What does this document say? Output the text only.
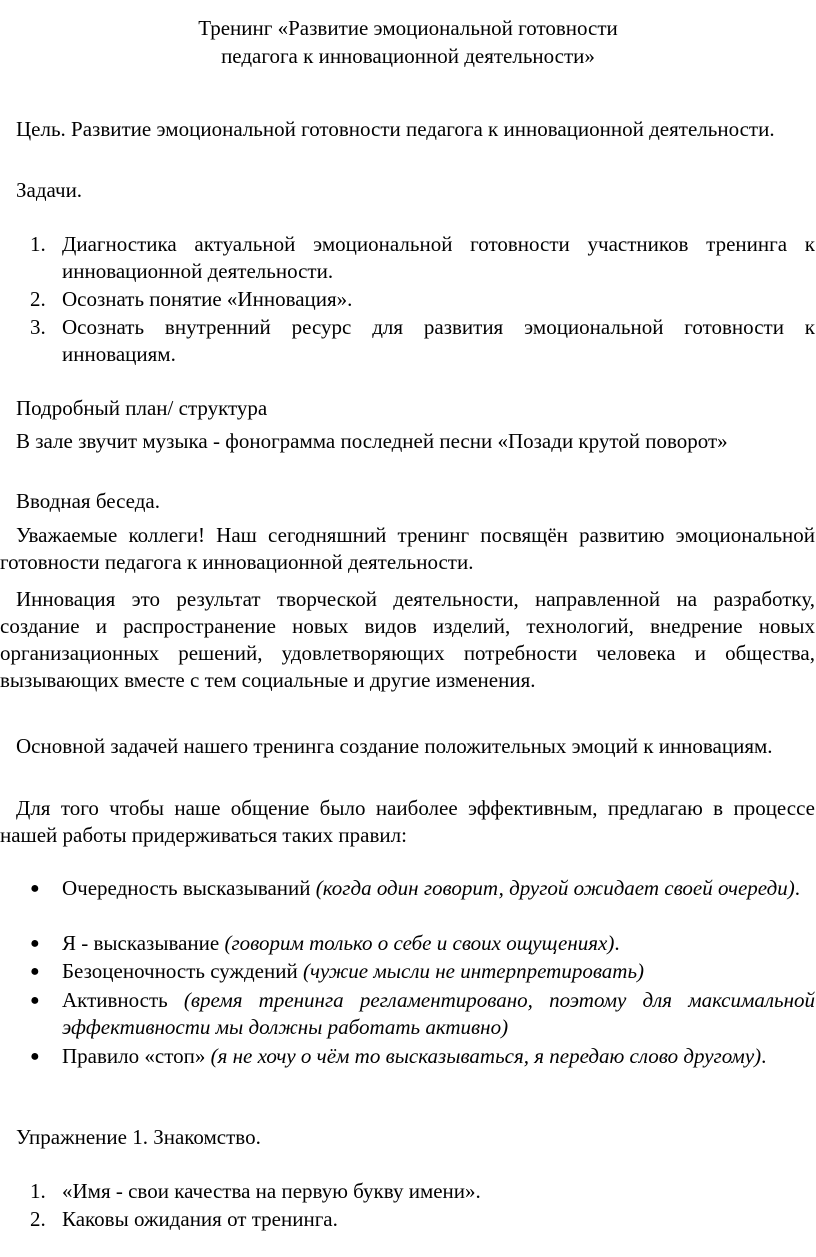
Тренинг «Развитие эмоциональной готовности
педагога к инновационной деятельности»
Цель. Развитие эмоциональной готовности педагога к инновационной деятельности.
Задачи.
1. Диагностика актуальной эмоциональной готовности участников тренинга к инновационной деятельности.
2. Осознать понятие «Инновация».
3. Осознать внутренний ресурс для развития эмоциональной готовности к инновациям.
Подробный план/ структура
В зале звучит музыка - фонограмма последней песни «Позади крутой поворот»
Вводная беседа.
Уважаемые коллеги! Наш сегодняшний тренинг посвящён развитию эмоциональной готовности педагога к инновационной деятельности.
Инновация это результат творческой деятельности, направленной на разработку, создание и распространение новых видов изделий, технологий, внедрение новых организационных решений, удовлетворяющих потребности человека и общества, вызывающих вместе с тем социальные и другие изменения.
Основной задачей нашего тренинга создание положительных эмоций к инновациям.
Для того чтобы наше общение было наиболее эффективным, предлагаю в процессе нашей работы придерживаться таких правил:
● Очередность высказываний (когда один говорит, другой ожидает своей очереди).
● Я - высказывание (говорим только о себе и своих ощущениях).
● Безоценочность суждений (чужие мысли не интерпретировать)
● Активность (время тренинга регламентировано, поэтому для максимальной эффективности мы должны работать активно)
● Правило «стоп» (я не хочу о чём то высказываться, я передаю слово другому).
Упражнение 1. Знакомство.
1. «Имя - свои качества на первую букву имени».
2. Каковы ожидания от тренинга.
